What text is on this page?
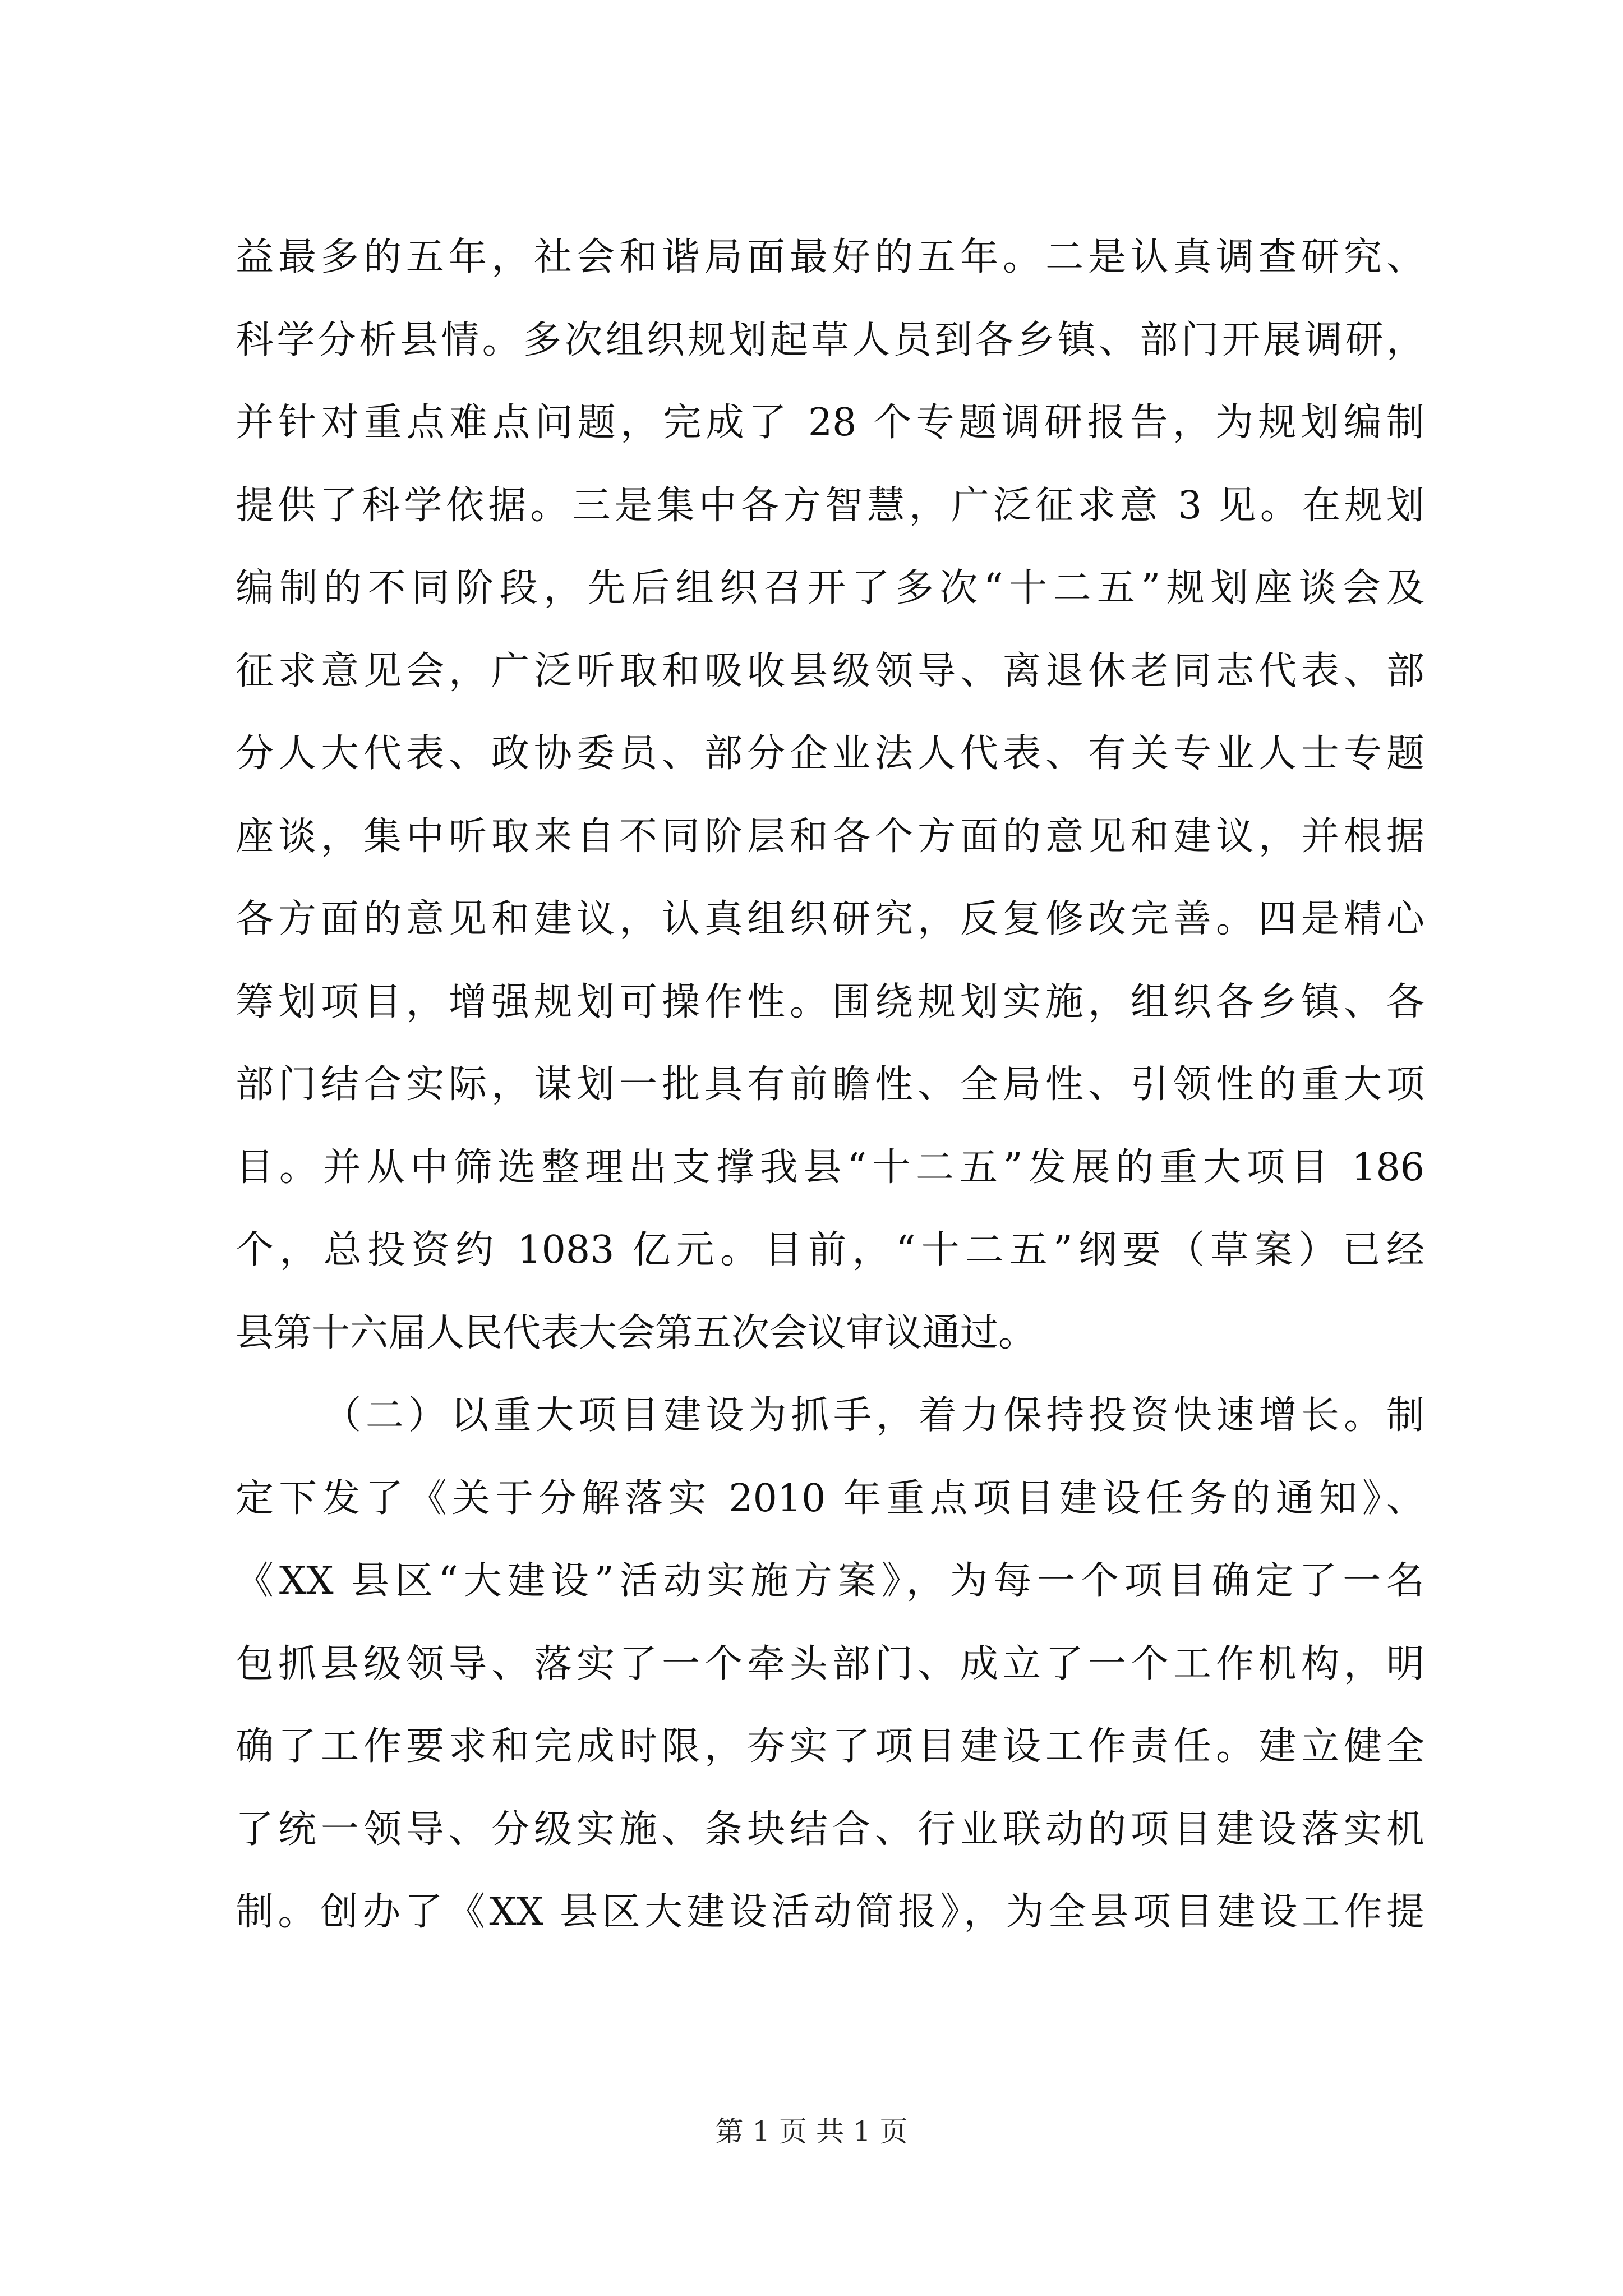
益最多的五年，社会和谐局面最好的五年。二是认真调查研究、
科学分析县情。多次组织规划起草人员到各乡镇、部门开展调研，
并针对重点难点问题，完成了 28 个专题调研报告，为规划编制
提供了科学依据。三是集中各方智慧，广泛征求意 3 见。在规划
编制的不同阶段，先后组织召开了多次“十二五”规划座谈会及
征求意见会，广泛听取和吸收县级领导、离退休老同志代表、部
分人大代表、政协委员、部分企业法人代表、有关专业人士专题
座谈，集中听取来自不同阶层和各个方面的意见和建议，并根据
各方面的意见和建议，认真组织研究，反复修改完善。四是精心
筹划项目，增强规划可操作性。围绕规划实施，组织各乡镇、各
部门结合实际，谋划一批具有前瞻性、全局性、引领性的重大项
目。并从中筛选整理出支撑我县“十二五”发展的重大项目 186
个，总投资约 1083 亿元。目前，“十二五”纲要（草案）已经
县第十六届人民代表大会第五次会议审议通过。
（二）以重大项目建设为抓手，着力保持投资快速增长。制
定下发了《关于分解落实 2010 年重点项目建设任务的通知》、
《XX 县区“大建设”活动实施方案》，为每一个项目确定了一名
包抓县级领导、落实了一个牵头部门、成立了一个工作机构，明
确了工作要求和完成时限，夯实了项目建设工作责任。建立健全
了统一领导、分级实施、条块结合、行业联动的项目建设落实机
制。创办了《XX 县区大建设活动简报》，为全县项目建设工作提
第 1 页 共 1 页
